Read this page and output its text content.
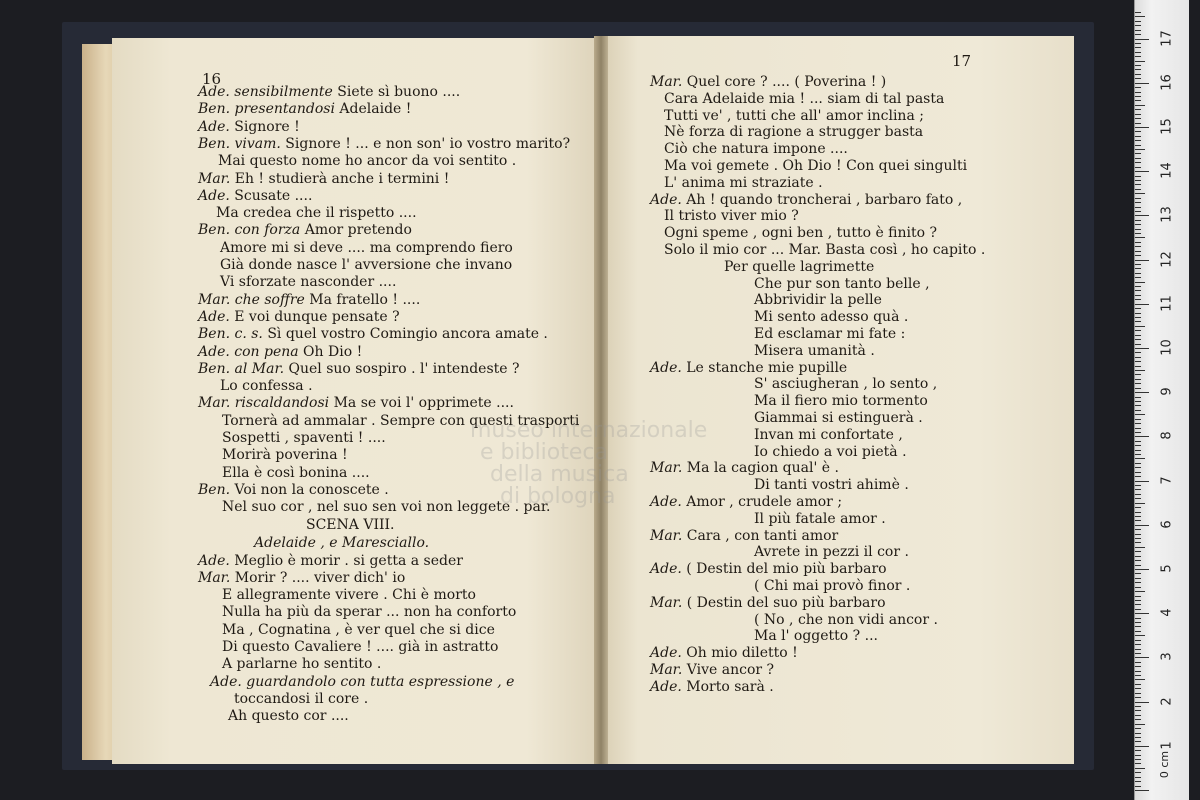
16
Ade. sensibilmente Siete sì buono ....
Ben. presentandosi Adelaide !
Ade. Signore !
Ben. vivam. Signore ! ... e non son' io vostro marito?
Mai questo nome ho ancor da voi sentito .
Mar. Eh ! studierà anche i termini !
Ade. Scusate ....
Ma credea che il rispetto ....
Ben. con forza Amor pretendo
Amore mi si deve .... ma comprendo fiero
Già donde nasce l' avversione che invano
Vi sforzate nasconder ....
Mar. che soffre Ma fratello ! ....
Ade. E voi dunque pensate ?
Ben. c. s. Sì quel vostro Comingio ancora amate .
Ade. con pena Oh Dio !
Ben. al Mar. Quel suo sospiro . l' intendeste ?
Lo confessa .
Mar. riscaldandosi Ma se voi l' opprimete ....
Tornerà ad ammalar . Sempre con questi trasporti
Sospetti , spaventi ! ....
Morirà poverina !
Ella è così bonina ....
Ben. Voi non la conoscete .
Nel suo cor , nel suo sen voi non leggete . par.
SCENA VIII.
Adelaide , e Maresciallo.
Ade. Meglio è morir . si getta a seder
Mar. Morir ? .... viver dich' io
E allegramente vivere . Chi è morto
Nulla ha più da sperar ... non ha conforto
Ma , Cognatina , è ver quel che si dice
Di questo Cavaliere ! .... già in astratto
A parlarne ho sentito .
Ade. guardandolo con tutta espressione , e
toccandosi il core .
Ah questo cor ....
17
Mar. Quel core ? .... ( Poverina ! )
Cara Adelaide mia ! ... siam di tal pasta
Tutti ve' , tutti che all' amor inclina ;
Nè forza di ragione a strugger basta
Ciò che natura impone ....
Ma voi gemete . Oh Dio ! Con quei singulti
L' anima mi straziate .
Ade. Ah ! quando troncherai , barbaro fato ,
Il tristo viver mio ?
Ogni speme , ogni ben , tutto è finito ?
Solo il mio cor ... Mar. Basta così , ho capito .
Per quelle lagrimette
Che pur son tanto belle ,
Abbrividir la pelle
Mi sento adesso quà .
Ed esclamar mi fate :
Misera umanità .
Ade. Le stanche mie pupille
S' asciugheran , lo sento ,
Ma il fiero mio tormento
Giammai si estinguerà .
Invan mi confortate ,
Io chiedo a voi pietà .
Mar. Ma la cagion qual' è .
Di tanti vostri ahimè .
Ade. Amor , crudele amor ;
Il più fatale amor .
Mar. Cara , con tanti amor
Avrete in pezzi il cor .
Ade. ( Destin del mio più barbaro
( Chi mai provò finor .
Mar. ( Destin del suo più barbaro
( No , che non vidi ancor .
Ma l' oggetto ? ...
Ade. Oh mio diletto !
Mar. Vive ancor ?
Ade. Morto sarà .
museo internazionale
e biblioteca
della musica
di bologna
0 cm
17
16
15
14
13
12
11
10
9
8
7
6
5
4
3
2
1
